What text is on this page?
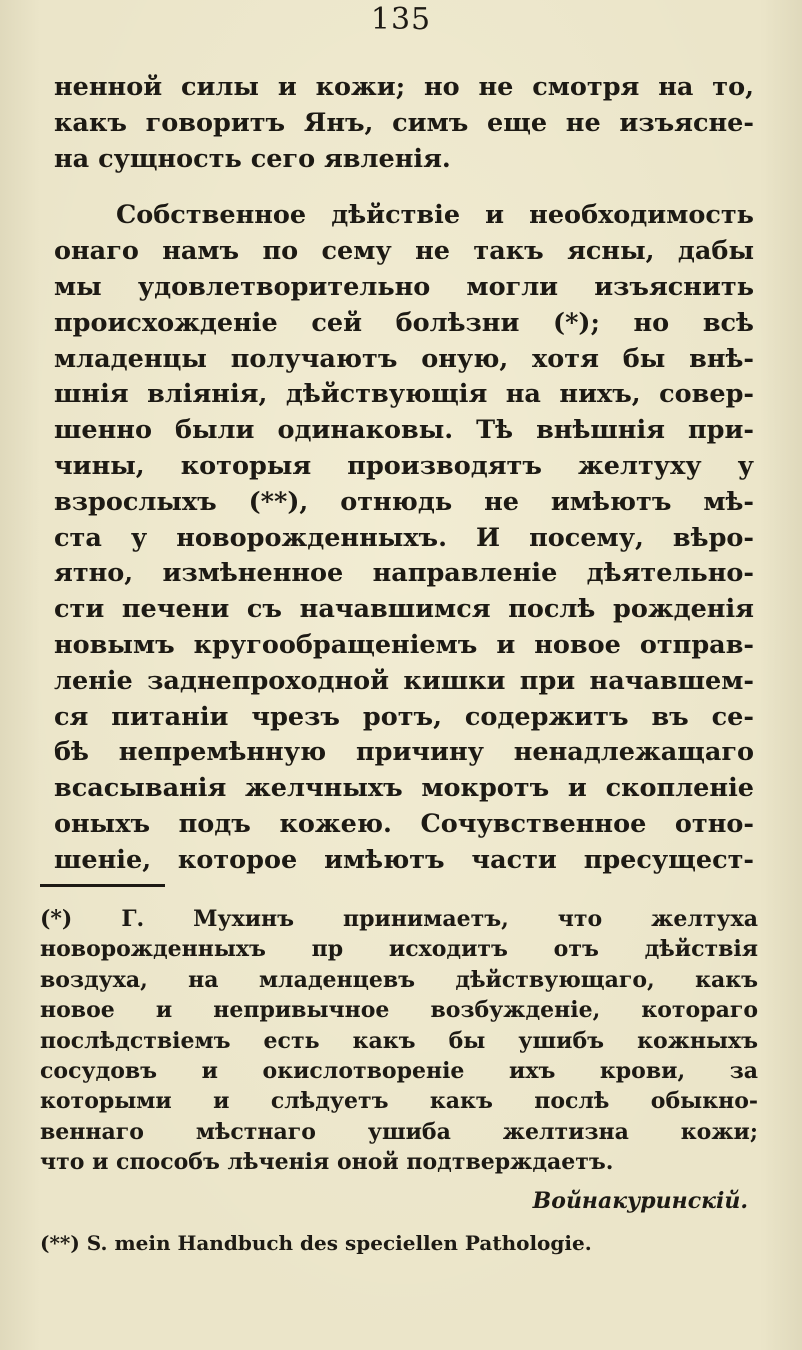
135
ненной силы и кожи; но не смотря на то,
какъ говоритъ Янъ, симъ еще не изъясне-
на сущность сего явленія.
Собственное дѣйствіе и необходимость
онаго намъ по сему не такъ ясны, дабы
мы удовлетворительно могли изъяснить
происхожденіе сей болѣзни (*); но всѣ
младенцы получаютъ оную, хотя бы внѣ-
шнія вліянія, дѣйствующія на нихъ, совер-
шенно были одинаковы. Тѣ внѣшнія при-
чины, которыя производятъ желтуху у
взрослыхъ (**), отнюдь не имѣютъ мѣ-
ста у новорожденныхъ. И посему, вѣро-
ятно, измѣненное направленіе дѣятельно-
сти печени съ начавшимся послѣ рожденія
новымъ кругообращеніемъ и новое отправ-
леніе заднепроходной кишки при начавшем-
ся питаніи чрезъ ротъ, содержитъ въ се-
бѣ непремѣнную причину ненадлежащаго
всасыванія желчныхъ мокротъ и скопленіе
оныхъ подъ кожею. Сочувственное отно-
шеніе, которое имѣютъ части пресущест-
(*) Г. Мухинъ принимаетъ, что желтуха
новорожденныхъ пр исходитъ отъ дѣйствія
воздуха, на младенцевъ дѣйствующаго, какъ
новое и непривычное возбужденіе, котораго
послѣдствіемъ есть какъ бы ушибъ кожныхъ
сосудовъ и окислотвореніе ихъ крови, за
которыми и слѣдуетъ какъ послѣ обыкно-
веннаго мѣстнаго ушиба желтизна кожи;
что и способъ лѣченія оной подтверждаетъ.
Войнакуринскій.
(**) S. mein Handbuch des speciellen Pathologie.
